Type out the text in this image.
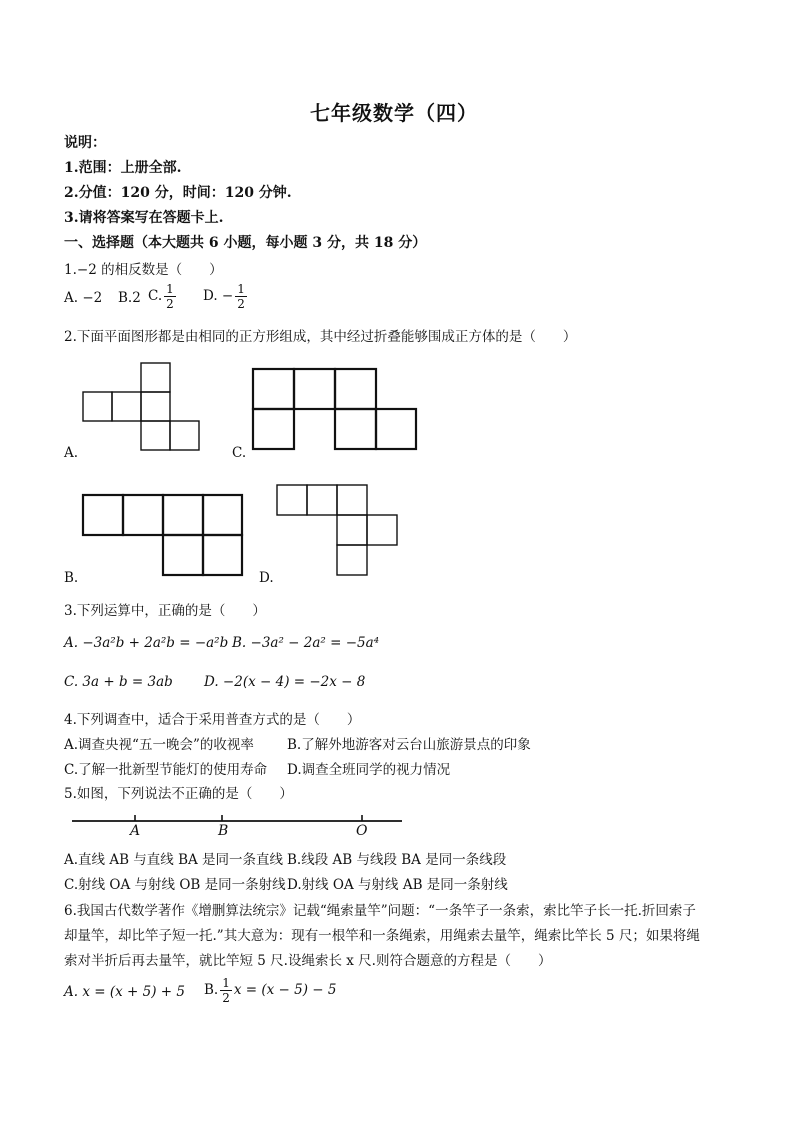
七年级数学（四）
说明：
1.范围：上册全部.
2.分值：120 分，时间：120 分钟.
3.请将答案写在答题卡上.
一、选择题（本大题共 6 小题，每小题 3 分，共 18 分）
1.−2 的相反数是（　　）
A. −2 B.2 C. $\frac{1}{2} D$. − $\frac{1}{2}$
2.下面平面图形都是由相同的正方形组成，其中经过折叠能够围成正方体的是（　　）
A.	C.
B.	D.
3.下列运算中，正确的是（　　）
A. −3a²b + 2a²b = −a²b B. −3a² − 2a² = −5a⁴
C. 3a + b = 3ab D. −2(x − 4) = −2x − 8
4.下列调查中，适合于采用普查方式的是（　　）
A.调查央视“五一晚会”的收视率 B.了解外地游客对云台山旅游景点的印象
C.了解一批新型节能灯的使用寿命 D.调查全班同学的视力情况
5.如图，下列说法不正确的是（　　）
A	B	O
A.直线 AB 与直线 BA 是同一条直线 B.线段 AB 与线段 BA 是同一条线段
C.射线 OA 与射线 OB 是同一条射线 D.射线 OA 与射线 AB 是同一条射线
6.我国古代数学著作《增删算法统宗》记载“绳索量竿”问题：“一条竿子一条索，索比竿子长一托.折回索子
却量竿，却比竿子短一托.”其大意为：现有一根竿和一条绳索，用绳索去量竿，绳索比竿长 5 尺；如果将绳
索对半折后再去量竿，就比竿短 5 尺.设绳索长 x 尺.则符合题意的方程是（　　）
A. x = (x + 5) + 5 B. $\frac{1}{2}$ x = (x − 5) − 5
